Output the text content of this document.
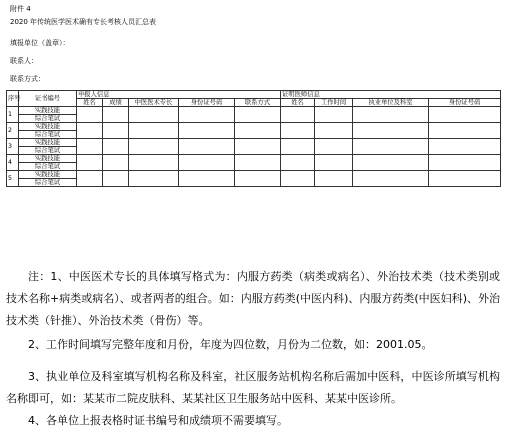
附件 4
2020 年传统医学医术确有专长考核人员汇总表
填报单位（盖章）：
联系人：
联系方式：
序号	证书编号	申报人信息					证明医师信息			
		姓名	成绩	中医医术专长	身份证号码	联系方式	姓名	工作时间	执业单位及科室	身份证号码
1	实践技能									
	综合笔试									
2	实践技能									
	综合笔试									
3	实践技能									
	综合笔试									
4	实践技能									
	综合笔试									
5	实践技能									
	综合笔试									

注：1、中医医术专长的具体填写格式为：内服方药类（病类或病名）、外治技术类（技术类别或技术名称+病类或病名）、或者两者的组合。如：内服方药类(中医内科)、内服方药类(中医妇科)、外治技术类（针推）、外治技术类（骨伤）等。

2、工作时间填写完整年度和月份，年度为四位数，月份为二位数，如：2001.05。

3、执业单位及科室填写机构名称及科室，社区服务站机构名称后需加中医科，中医诊所填写机构名称即可，如：某某市二院皮肤科、某某社区卫生服务站中医科、某某中医诊所。

4、各单位上报表格时证书编号和成绩项不需要填写。
